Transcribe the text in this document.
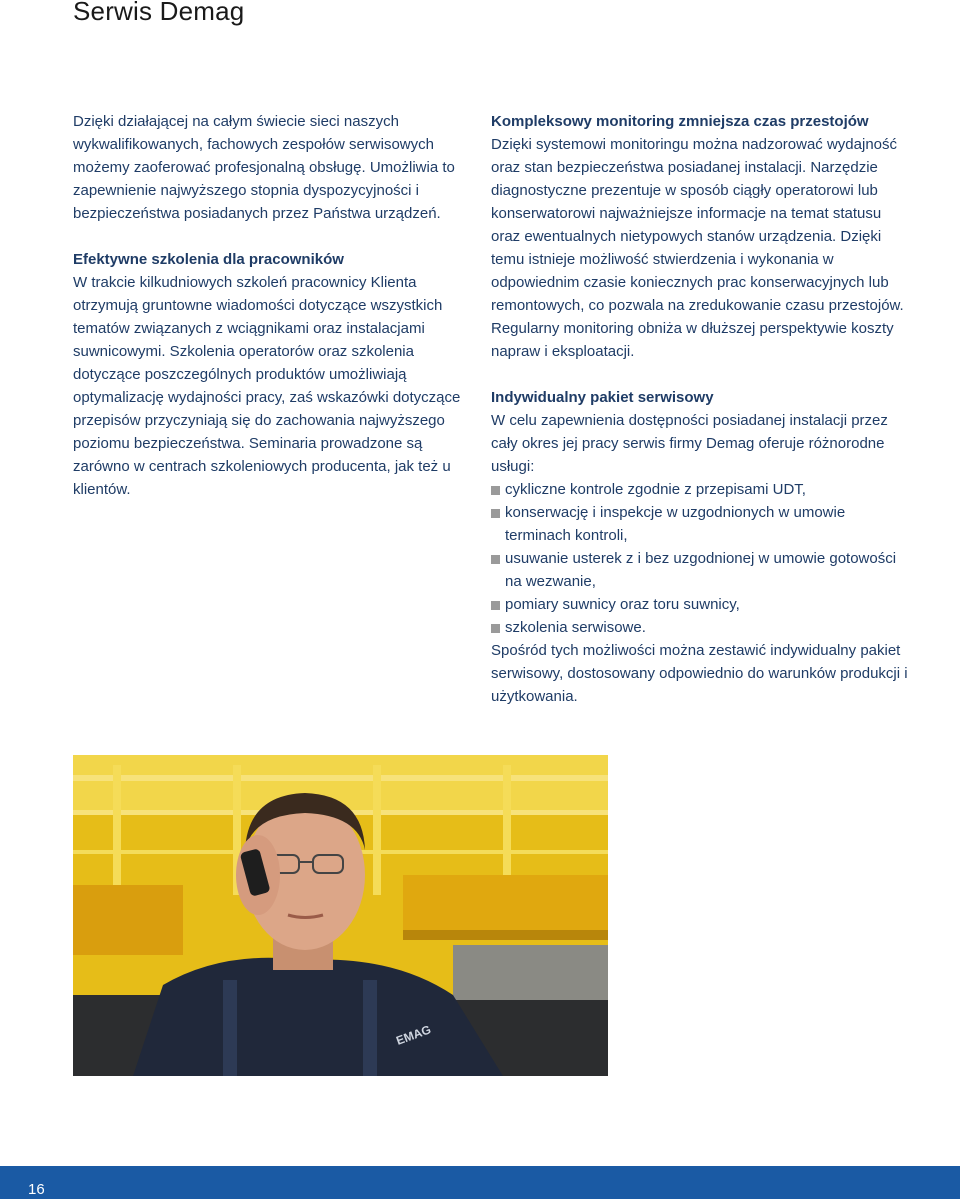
Serwis Demag

Dzięki działającej na całym świecie sieci naszych wykwalifikowanych, fachowych zespołów serwisowych możemy zaoferować profesjonalną obsługę. Umożliwia to zapewnienie najwyższego stopnia dyspozycyjności i bezpieczeństwa posiadanych przez Państwa urządzeń.

Efektywne szkolenia dla pracowników

W trakcie kilkudniowych szkoleń pracownicy Klienta otrzymują gruntowne wiadomości dotyczące wszystkich tematów związanych z wciągnikami oraz instalacjami suwnicowymi. Szkolenia operatorów oraz szkolenia dotyczące poszczególnych produktów umożliwiają optymalizację wydajności pracy, zaś wskazówki dotyczące przepisów przyczyniają się do zachowania najwyższego poziomu bezpieczeństwa. Seminaria prowadzone są zarówno w centrach szkoleniowych producenta, jak też u klientów.

Kompleksowy monitoring zmniejsza czas przestojów

Dzięki systemowi monitoringu można nadzorować wydajność oraz stan bezpieczeństwa posiadanej instalacji. Narzędzie diagnostyczne prezentuje w sposób ciągły operatorowi lub konserwatorowi najważniejsze informacje na temat statusu oraz ewentualnych nietypowych stanów urządzenia. Dzięki temu istnieje możliwość stwierdzenia i wykonania w odpowiednim czasie koniecznych prac konserwacyjnych lub remontowych, co pozwala na zredukowanie czasu przestojów. Regularny monitoring obniża w dłuższej perspektywie koszty napraw i eksploatacji.

Indywidualny pakiet serwisowy

W celu zapewnienia dostępności posiadanej instalacji przez cały okres jej pracy serwis firmy Demag oferuje różnorodne usługi:

cykliczne kontrole zgodnie z przepisami UDT,
konserwację i inspekcje w uzgodnionych w umowie terminach kontroli,
usuwanie usterek z i bez uzgodnionej w umowie gotowości na wezwanie,
pomiary suwnicy oraz toru suwnicy,
szkolenia serwisowe.

Spośród tych możliwości można zestawić indywidualny pakiet serwisowy, dostosowany odpowiednio do warunków produkcji i użytkowania.

EMAG
16
